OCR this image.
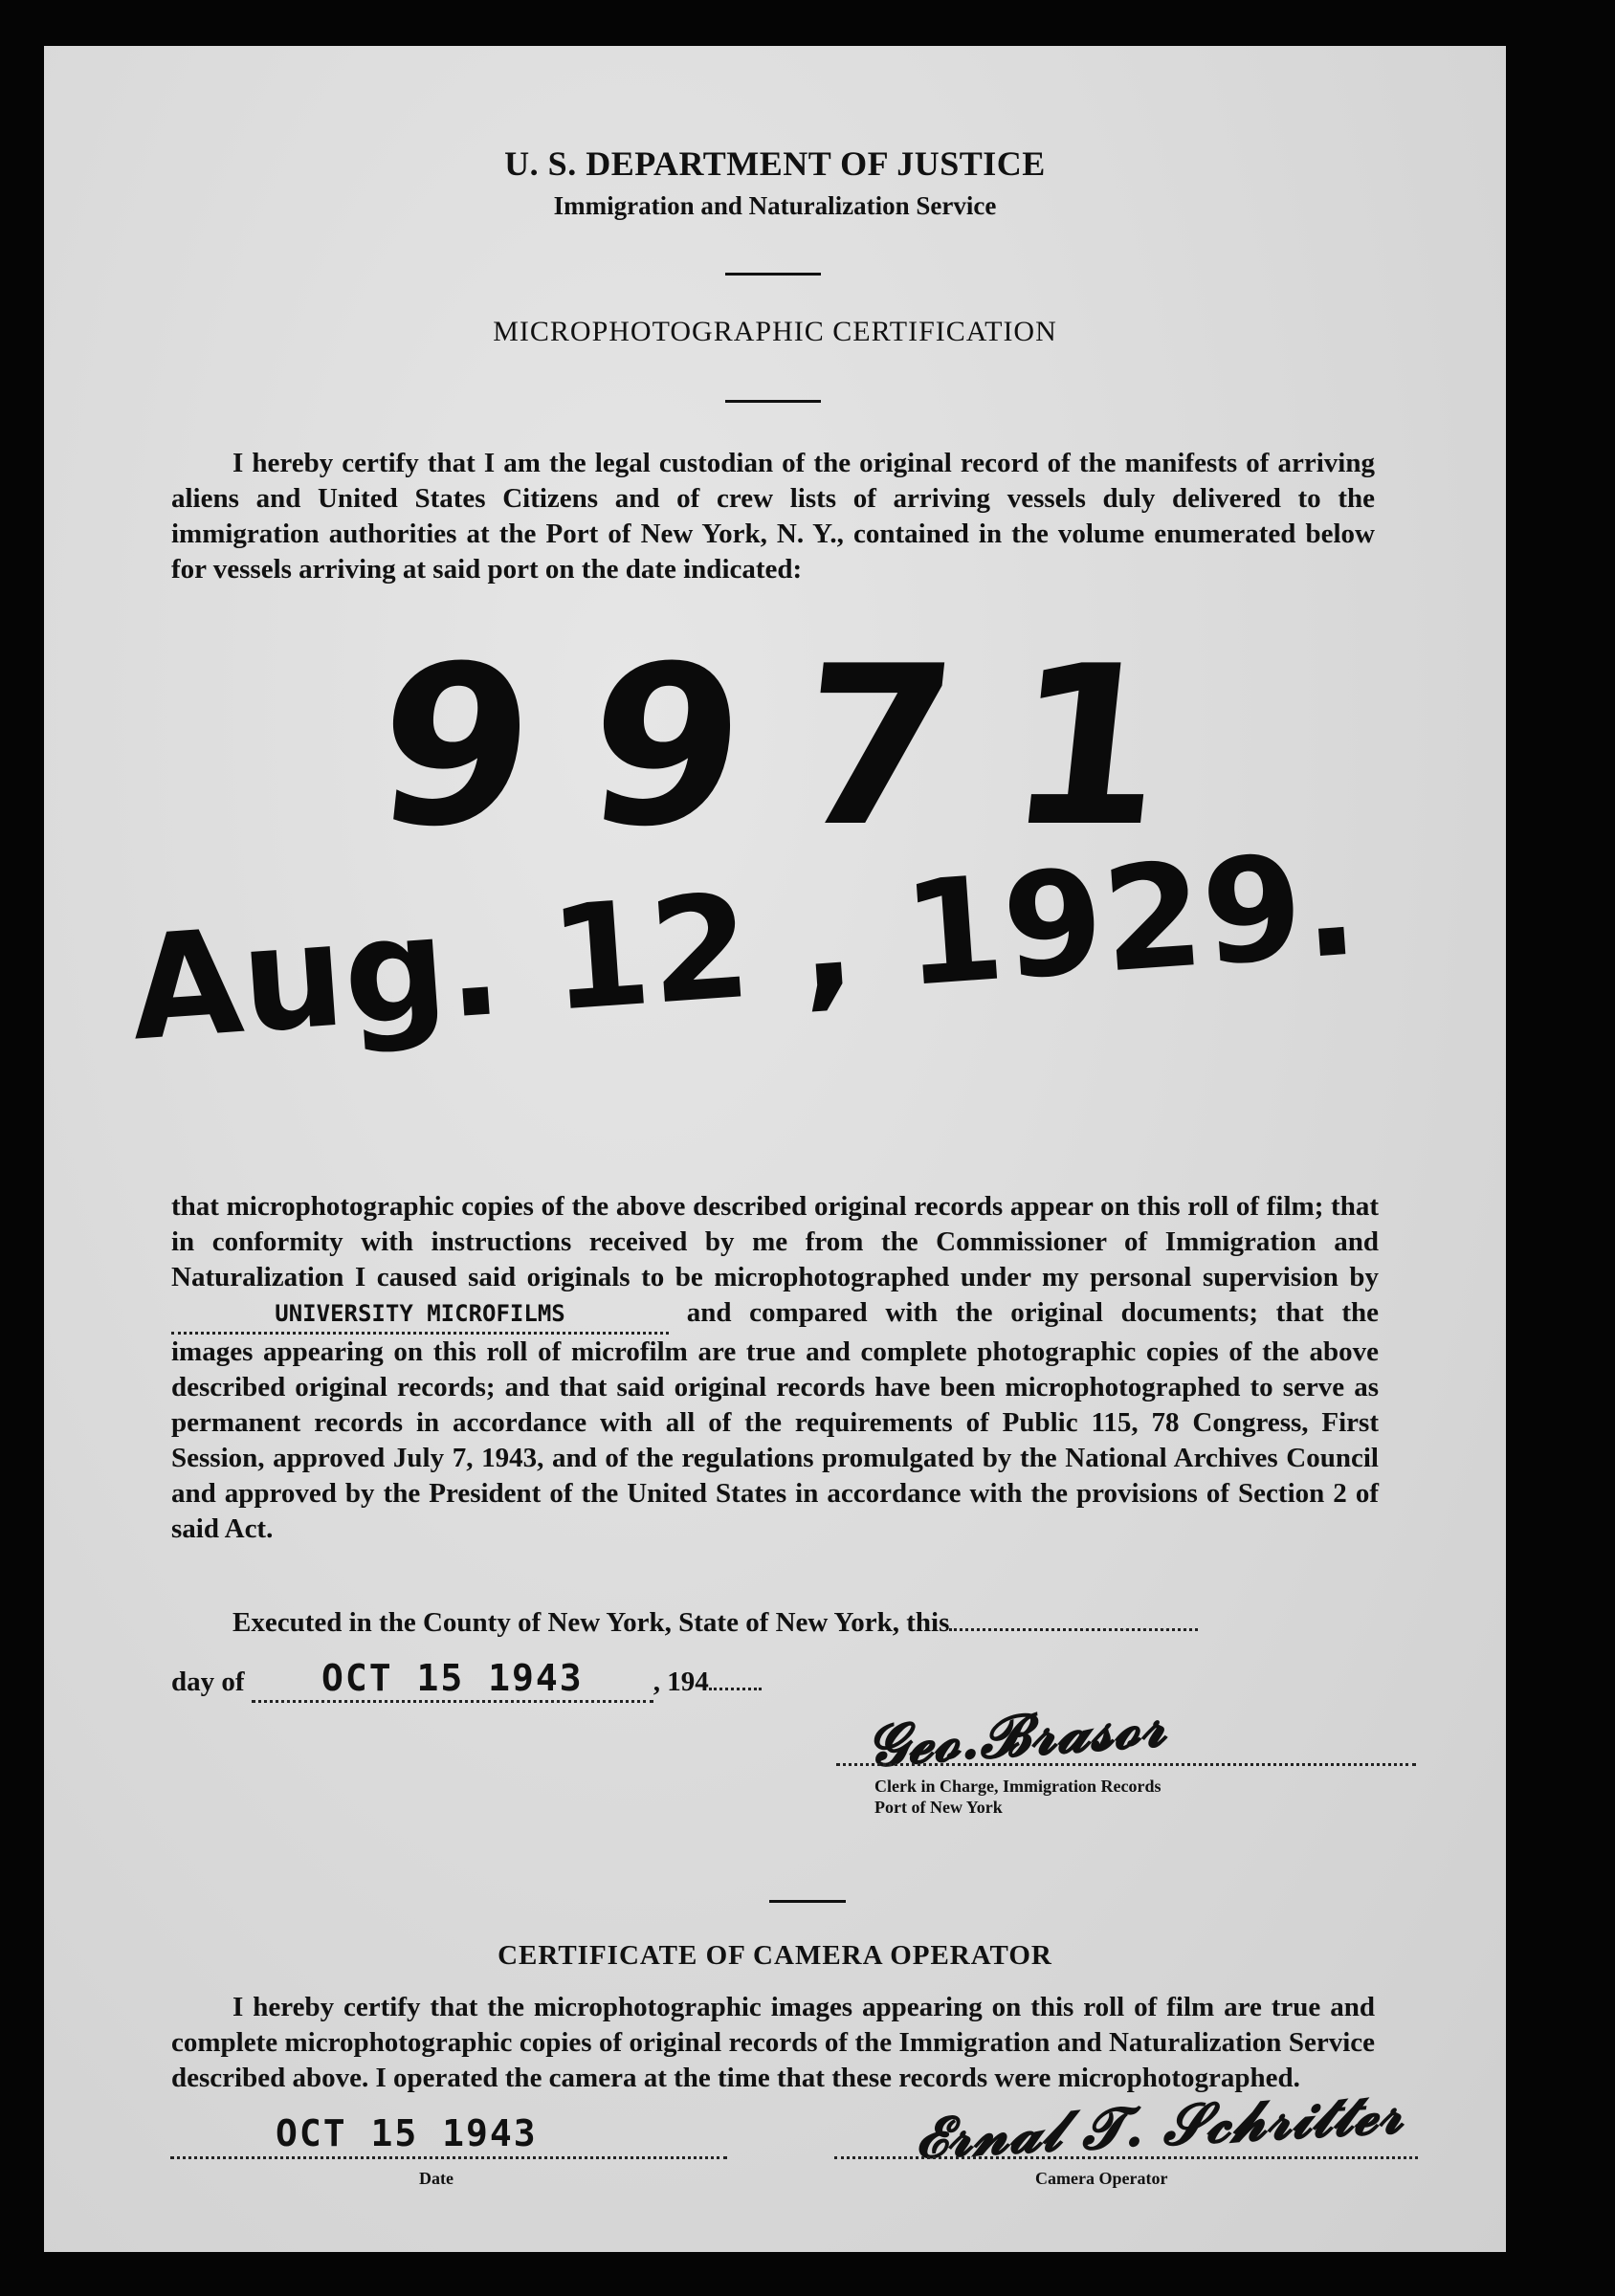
U. S. DEPARTMENT OF JUSTICE
Immigration and Naturalization Service
MICROPHOTOGRAPHIC CERTIFICATION

I hereby certify that I am the legal custodian of the original record of the manifests of arriving aliens and United States Citizens and of crew lists of arriving vessels duly delivered to the immigration authorities at the Port of New York, N. Y., contained in the volume enumerated below for vessels arriving at said port on the date indicated:

9971
Aug. 12 , 1929.
that microphotographic copies of the above described original records appear on this roll of film; that in conformity with instructions received by me from the Commissioner of Immigration and Naturalization I caused said originals to be microphotographed under my personal supervision by UNIVERSITY MICROFILMS	and compared with the original documents; that the images appearing on this roll of microfilm are true and complete photographic copies of the above described original records; and that said original records have been microphotographed to serve as permanent records in accordance with all of the requirements of Public 115, 78 Congress, First Session, approved July 7, 1943, and of the regulations promulgated by the National Archives Council and approved by the President of the United States in accordance with the provisions of Section 2 of said Act.

Executed in the County of New York, State of New York, this

day of OCT 15 1943	, 194
𝓖𝓮𝓸.𝓑𝓻𝓪𝓼𝓸𝓻
Clerk in Charge, Immigration Records
Port of New York
CERTIFICATE OF CAMERA OPERATOR

I hereby certify that the microphotographic images appearing on this roll of film are true and complete microphotographic copies of original records of the Immigration and Naturalization Service described above. I operated the camera at the time that these records were microphotographed.

OCT 15 1943
Date
𝓔𝓻𝓷𝓪𝓵 𝓣. 𝓢𝓬𝓱𝓻𝓲𝓽𝓽𝓮𝓻
Camera Operator
